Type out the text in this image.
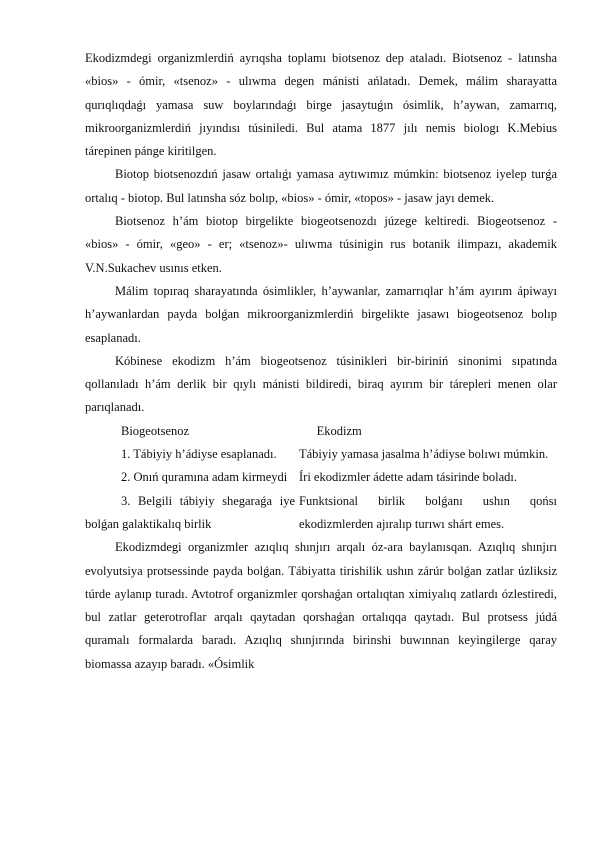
Ekodizmdegi organizmlerdiń ayrıqsha toplamı biotsenoz dep ataladı. Biotsenoz - latınsha «bios» - ómir, «tsenoz» - ulıwma degen mánisti ańlatadı. Demek, málim sharayatta qurıqlıqdaǵı yamasa suw boylarındaǵı birge jasaytuǵın ósimlik, h’aywan, zamarrıq, mikroorganizmlerdiń jıyındısı túsiniledi. Bul atama 1877 jılı nemis biologı K.Mebius tárepinen pánge kiritilgen.

Biotop biotsenozdıń jasaw ortalıǵı yamasa aytıwımız múmkin: biotsenoz iyelep turǵa ortalıq - biotop. Bul latınsha sóz bolıp, «bios» - ómir, «topos» - jasaw jayı demek.

Biotsenoz h’ám biotop birgelikte biogeotsenozdı júzege keltiredi. Biogeotsenoz - «bios» - ómir, «geo» - er; «tsenoz»- ulıwma túsinigin rus botanik ilimpazı, akademik V.N.Sukachev usınıs etken.

Málim topıraq sharayatında ósimlikler, h’aywanlar, zamarrıqlar h’ám ayırım ápiwayı h’aywanlardan payda bolǵan mikroorganizmlerdiń birgelikte jasawı biogeotsenoz bolıp esaplanadı.

Kóbinese ekodizm h’ám biogeotsenoz túsinikleri bir-biriniń sinonimi sıpatında qollanıladı h’ám derlik bir qıylı mánisti bildiredi, biraq ayırım bir tárepleri menen olar parıqlanadı.

Biogeotsenoz	Ekodizm

1. Tábiyiy h’ádiyse esaplanadı.	Tábiyiy yamasa jasalma h’ádiyse bolıwı múmkin.

2. Onıń quramına adam kirmeydi Íri ekodizmler ádette adam tásirinde boladı.

3. Belgili tábiyiy shegaraǵa iye bolǵan galaktikalıq birlik

Funktsional birlik bolǵanı ushın qońsı ekodizmlerden ajıralıp turıwı shárt emes.

Ekodizmdegi organizmler azıqlıq shınjırı arqalı óz-ara baylanısqan. Azıqlıq shınjırı evolyutsiya protsessinde payda bolǵan. Tábiyatta tirishilik ushın zárúr bolǵan zatlar úzliksiz túrde aylanıp turadı. Avtotrof organizmler qorshaǵan ortalıqtan ximiyalıq zatlardı ózlestiredi, bul zatlar geterotroflar arqalı qaytadan qorshaǵan ortalıqqa qaytadı. Bul protsess júdá quramalı formalarda baradı. Azıqlıq shınjırında birinshi buwınnan keyingilerge qaray biomassa azayıp baradı. «Ósimlik
